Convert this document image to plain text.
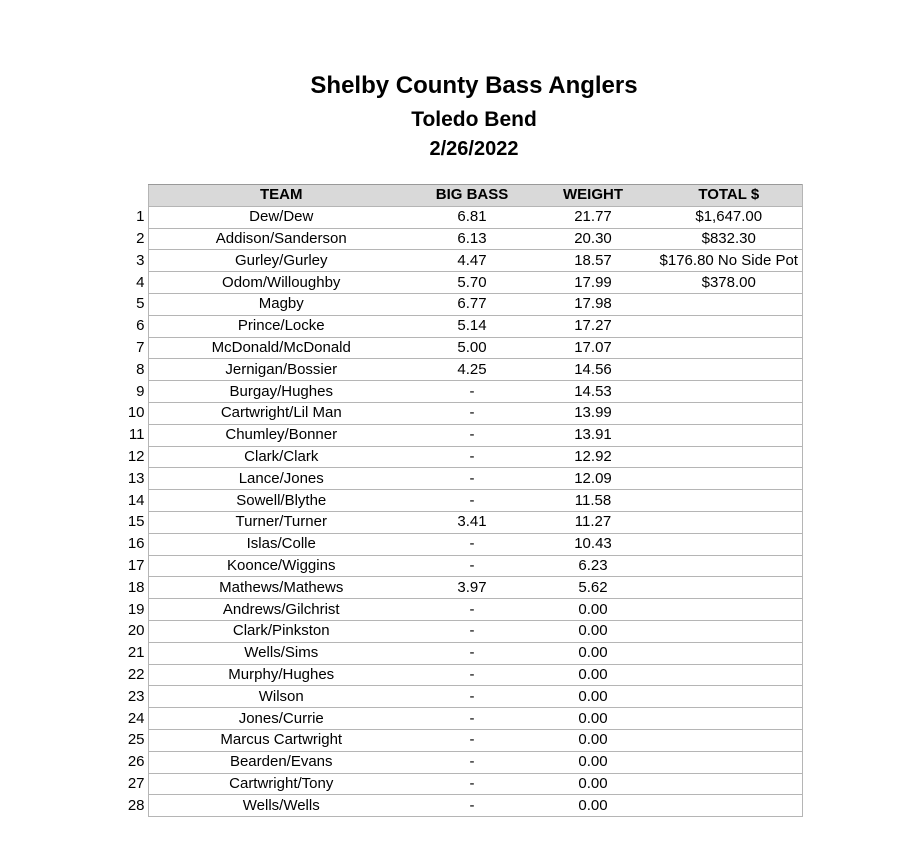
Shelby County Bass Anglers
Toledo Bend
2/26/2022
	TEAM	BIG BASS	WEIGHT	TOTAL $
1	Dew/Dew	6.81	21.77	$1,647.00
2	Addison/Sanderson	6.13	20.30	$832.30
3	Gurley/Gurley	4.47	18.57	$176.80 No Side Pot
4	Odom/Willoughby	5.70	17.99	$378.00
5	Magby	6.77	17.98	
6	Prince/Locke	5.14	17.27	
7	McDonald/McDonald	5.00	17.07	
8	Jernigan/Bossier	4.25	14.56	
9	Burgay/Hughes	-	14.53	
10	Cartwright/Lil Man	-	13.99	
11	Chumley/Bonner	-	13.91	
12	Clark/Clark	-	12.92	
13	Lance/Jones	-	12.09	
14	Sowell/Blythe	-	11.58	
15	Turner/Turner	3.41	11.27	
16	Islas/Colle	-	10.43	
17	Koonce/Wiggins	-	6.23	
18	Mathews/Mathews	3.97	5.62	
19	Andrews/Gilchrist	-	0.00	
20	Clark/Pinkston	-	0.00	
21	Wells/Sims	-	0.00	
22	Murphy/Hughes	-	0.00	
23	Wilson	-	0.00	
24	Jones/Currie	-	0.00	
25	Marcus Cartwright	-	0.00	
26	Bearden/Evans	-	0.00	
27	Cartwright/Tony	-	0.00	
28	Wells/Wells	-	0.00	
